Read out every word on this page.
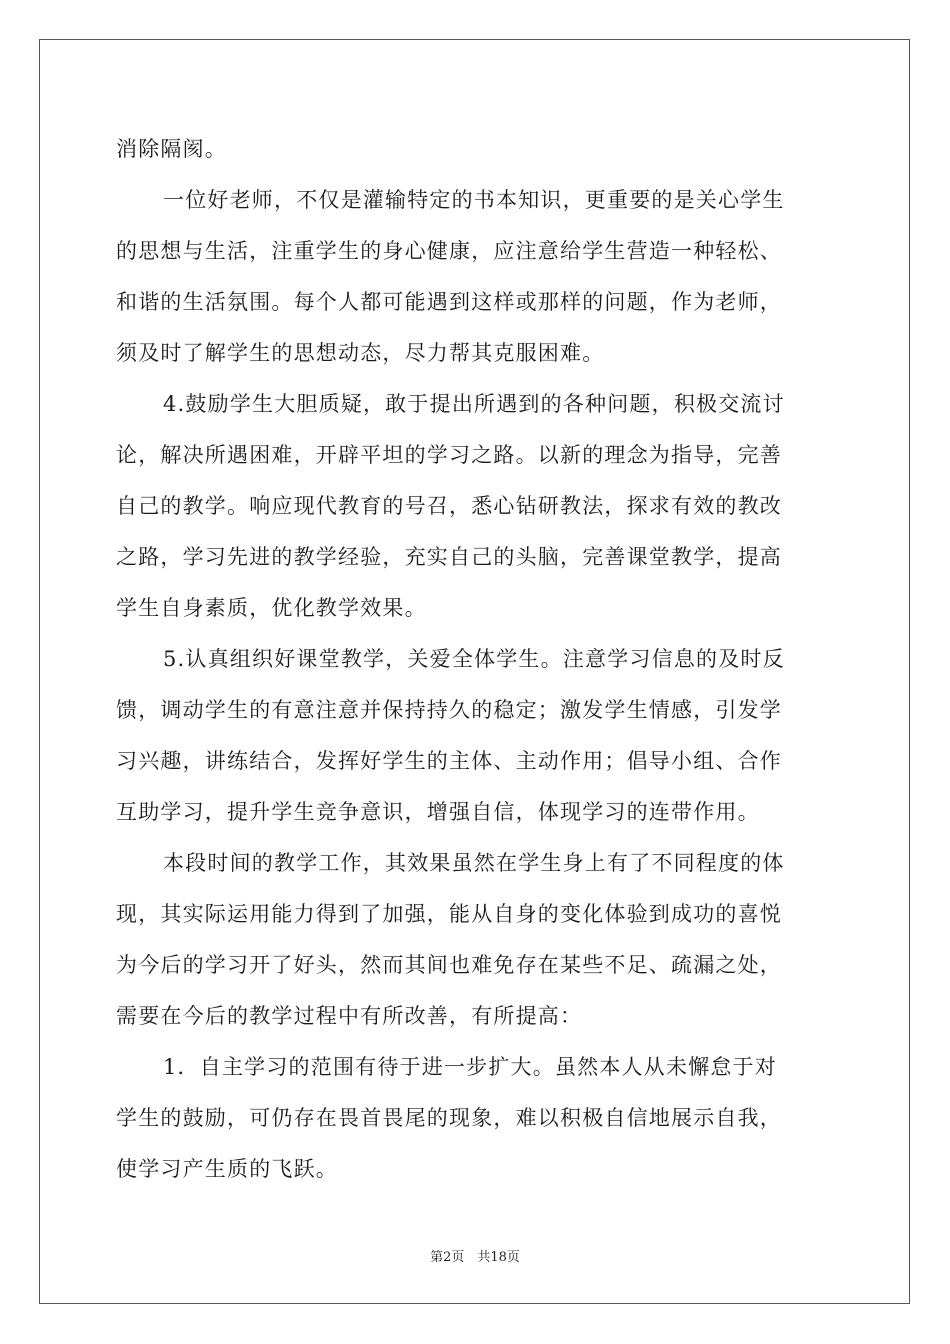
消除隔阂。
一位好老师，不仅是灌输特定的书本知识，更重要的是关心学生
的思想与生活，注重学生的身心健康，应注意给学生营造一种轻松、
和谐的生活氛围。每个人都可能遇到这样或那样的问题，作为老师，
须及时了解学生的思想动态，尽力帮其克服困难。
4.鼓励学生大胆质疑，敢于提出所遇到的各种问题，积极交流讨
论，解决所遇困难，开辟平坦的学习之路。以新的理念为指导，完善
自己的教学。响应现代教育的号召，悉心钻研教法，探求有效的教改
之路，学习先进的教学经验，充实自己的头脑，完善课堂教学，提高
学生自身素质，优化教学效果。
5.认真组织好课堂教学，关爱全体学生。注意学习信息的及时反
馈，调动学生的有意注意并保持持久的稳定；激发学生情感，引发学
习兴趣，讲练结合，发挥好学生的主体、主动作用；倡导小组、合作
互助学习，提升学生竞争意识，增强自信，体现学习的连带作用。
本段时间的教学工作，其效果虽然在学生身上有了不同程度的体
现，其实际运用能力得到了加强，能从自身的变化体验到成功的喜悦
为今后的学习开了好头，然而其间也难免存在某些不足、疏漏之处，
需要在今后的教学过程中有所改善，有所提高：
1．自主学习的范围有待于进一步扩大。虽然本人从未懈怠于对
学生的鼓励，可仍存在畏首畏尾的现象，难以积极自信地展示自我，
使学习产生质的飞跃。
第2页　共18页
